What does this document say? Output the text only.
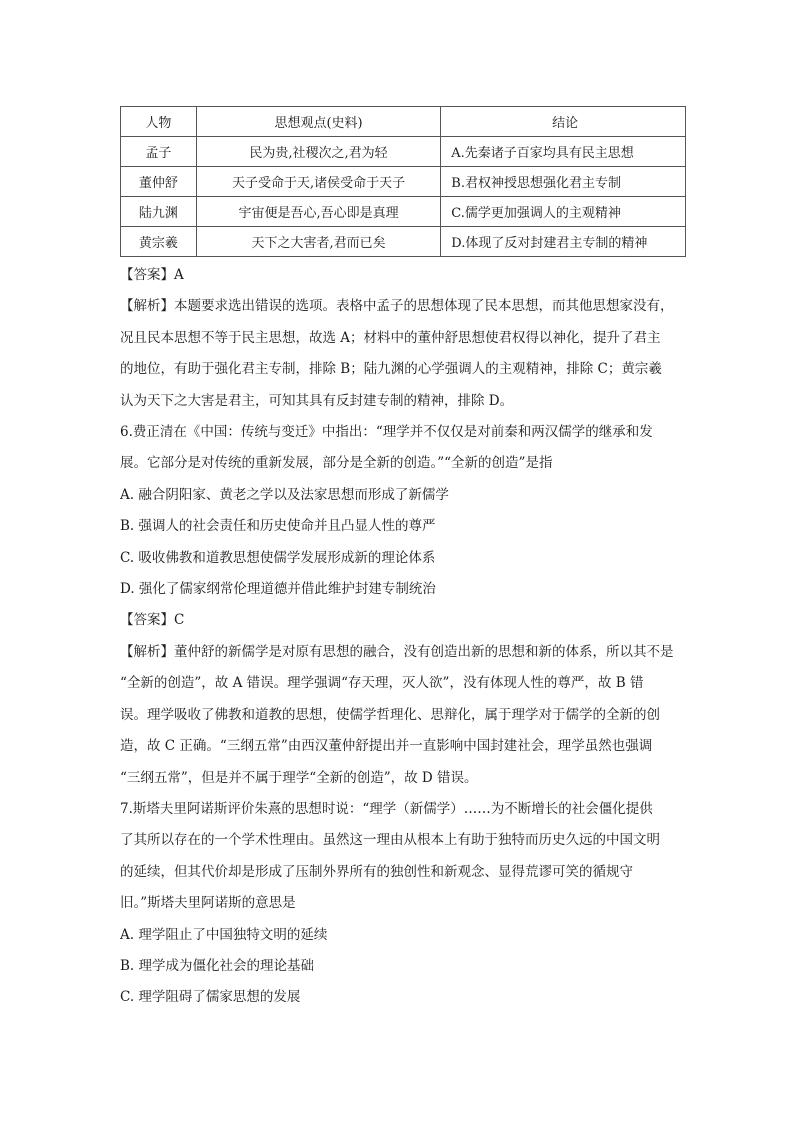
人物	思想观点(史料)	结论
孟子	民为贵,社稷次之,君为轻	A.先秦诸子百家均具有民主思想
董仲舒	天子受命于天,诸侯受命于天子	B.君权神授思想强化君主专制
陆九渊	宇宙便是吾心,吾心即是真理	C.儒学更加强调人的主观精神
黄宗羲	天下之大害者,君而已矣	D.体现了反对封建君主专制的精神

【答案】A

【解析】本题要求选出错误的选项。表格中孟子的思想体现了民本思想，而其他思想家没有，
况且民本思想不等于民主思想，故选 A；材料中的董仲舒思想使君权得以神化，提升了君主
的地位，有助于强化君主专制，排除 B；陆九渊的心学强调人的主观精神，排除 C；黄宗羲
认为天下之大害是君主，可知其具有反封建专制的精神，排除 D。

6.费正清在《中国：传统与变迁》中指出：“理学并不仅仅是对前秦和两汉儒学的继承和发
展。它部分是对传统的重新发展，部分是全新的创造。”“全新的创造”是指

A. 融合阴阳家、黄老之学以及法家思想而形成了新儒学

B. 强调人的社会责任和历史使命并且凸显人性的尊严

C. 吸收佛教和道教思想使儒学发展形成新的理论体系

D. 强化了儒家纲常伦理道德并借此维护封建专制统治

【答案】C

【解析】董仲舒的新儒学是对原有思想的融合，没有创造出新的思想和新的体系，所以其不是
“全新的创造”，故 A 错误。理学强调“存天理，灭人欲”，没有体现人性的尊严，故 B 错
误。理学吸收了佛教和道教的思想，使儒学哲理化、思辩化，属于理学对于儒学的全新的创
造，故 C 正确。“三纲五常”由西汉董仲舒提出并一直影响中国封建社会，理学虽然也强调
“三纲五常”，但是并不属于理学“全新的创造”，故 D 错误。

7.斯塔夫里阿诺斯评价朱熹的思想时说：“理学（新儒学）……为不断增长的社会僵化提供
了其所以存在的一个学术性理由。虽然这一理由从根本上有助于独特而历史久远的中国文明
的延续，但其代价却是形成了压制外界所有的独创性和新观念、显得荒谬可笑的循规守
旧。”斯塔夫里阿诺斯的意思是

A. 理学阻止了中国独特文明的延续

B. 理学成为僵化社会的理论基础

C. 理学阻碍了儒家思想的发展
